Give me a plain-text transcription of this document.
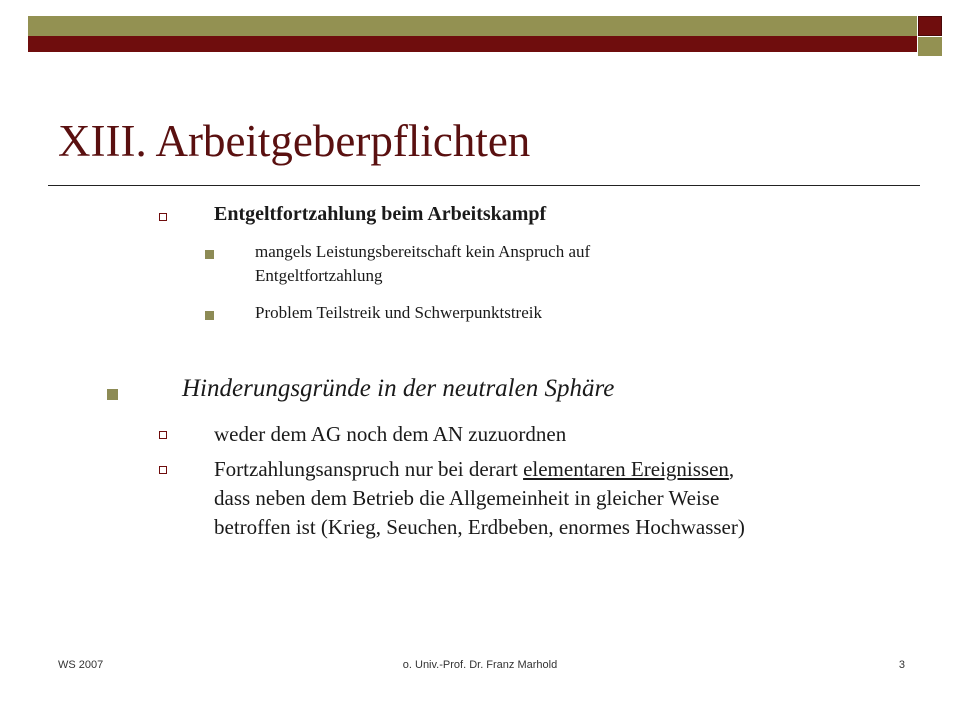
XIII. Arbeitgeberpflichten
Entgeltfortzahlung beim Arbeitskampf
mangels Leistungsbereitschaft kein Anspruch auf
Entgeltfortzahlung
Problem Teilstreik und Schwerpunktstreik
Hinderungsgründe in der neutralen Sphäre
weder dem AG noch dem AN zuzuordnen
Fortzahlungsanspruch nur bei derart elementaren Ereignissen,
dass neben dem Betrieb die Allgemeinheit in gleicher Weise
betroffen ist (Krieg, Seuchen, Erdbeben, enormes Hochwasser)
WS 2007	o. Univ.-Prof. Dr. Franz Marhold	3
